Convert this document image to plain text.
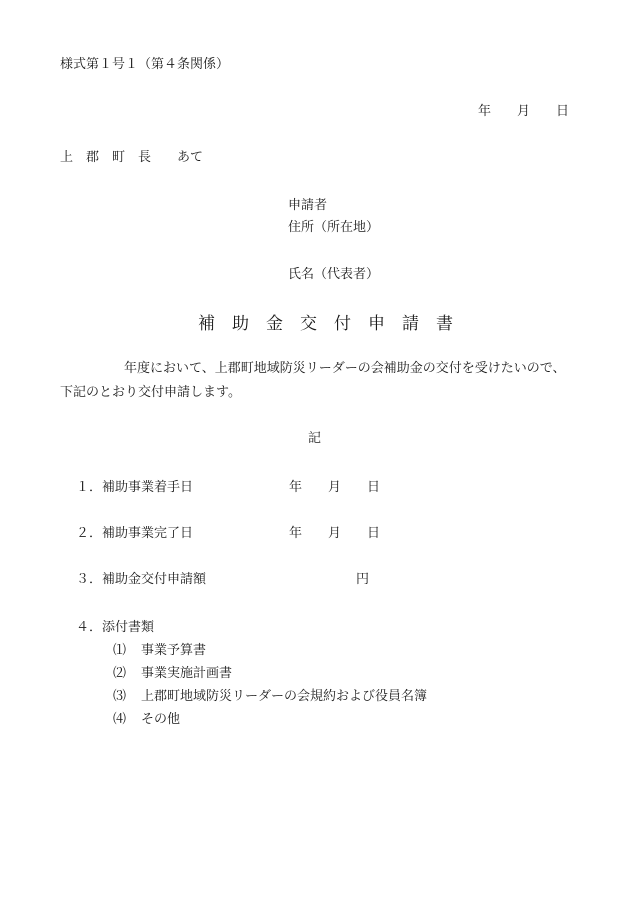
様式第１号１（第４条関係）
年 月 日
上　郡　町　長　　あて
申請者
住所（所在地）
氏名（代表者）
補助金交付申請書
年度において、上郡町地域防災リーダーの会補助金の交付を受けたいので、
下記のとおり交付申請します。
記
１．補助事業着手日	年　　月　　日
２．補助事業完了日	年　　月　　日
３．補助金交付申請額	円
４．添付書類
⑴ 事業予算書
⑵ 事業実施計画書
⑶ 上郡町地域防災リーダーの会規約および役員名簿
⑷ その他
